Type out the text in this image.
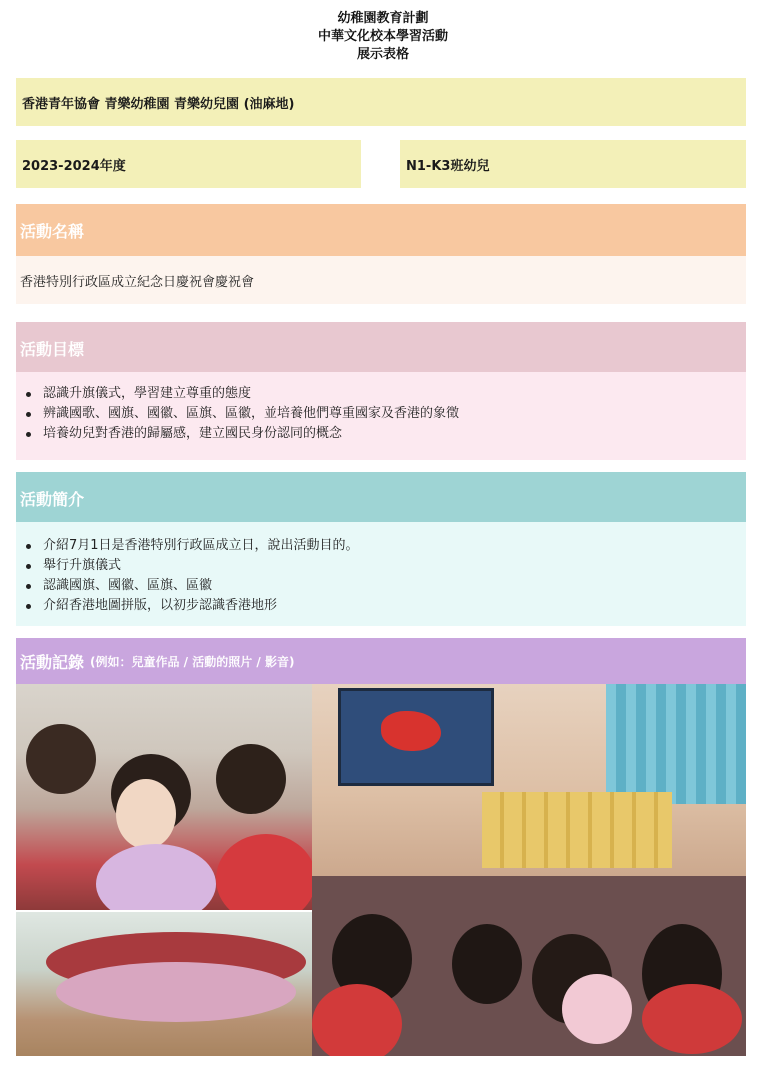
幼稚園教育計劃
中華文化校本學習活動
展示表格
香港青年協會 青樂幼稚園 青樂幼兒園 (油麻地)
2023-2024年度	N1-K3班幼兒
活動名稱
香港特別行政區成立紀念日慶祝會慶祝會
活動目標
認識升旗儀式，學習建立尊重的態度
辨識國歌、國旗、國徽、區旗、區徽，並培養他們尊重國家及香港的象徵
培養幼兒對香港的歸屬感，建立國民身份認同的概念
活動簡介
介紹7月1日是香港特別行政區成立日，說出活動目的。
舉行升旗儀式
認識國旗、國徽、區旗、區徽
介紹香港地圖拼版，以初步認識香港地形
活動記錄 (例如：兒童作品 / 活動的照片 / 影音)
